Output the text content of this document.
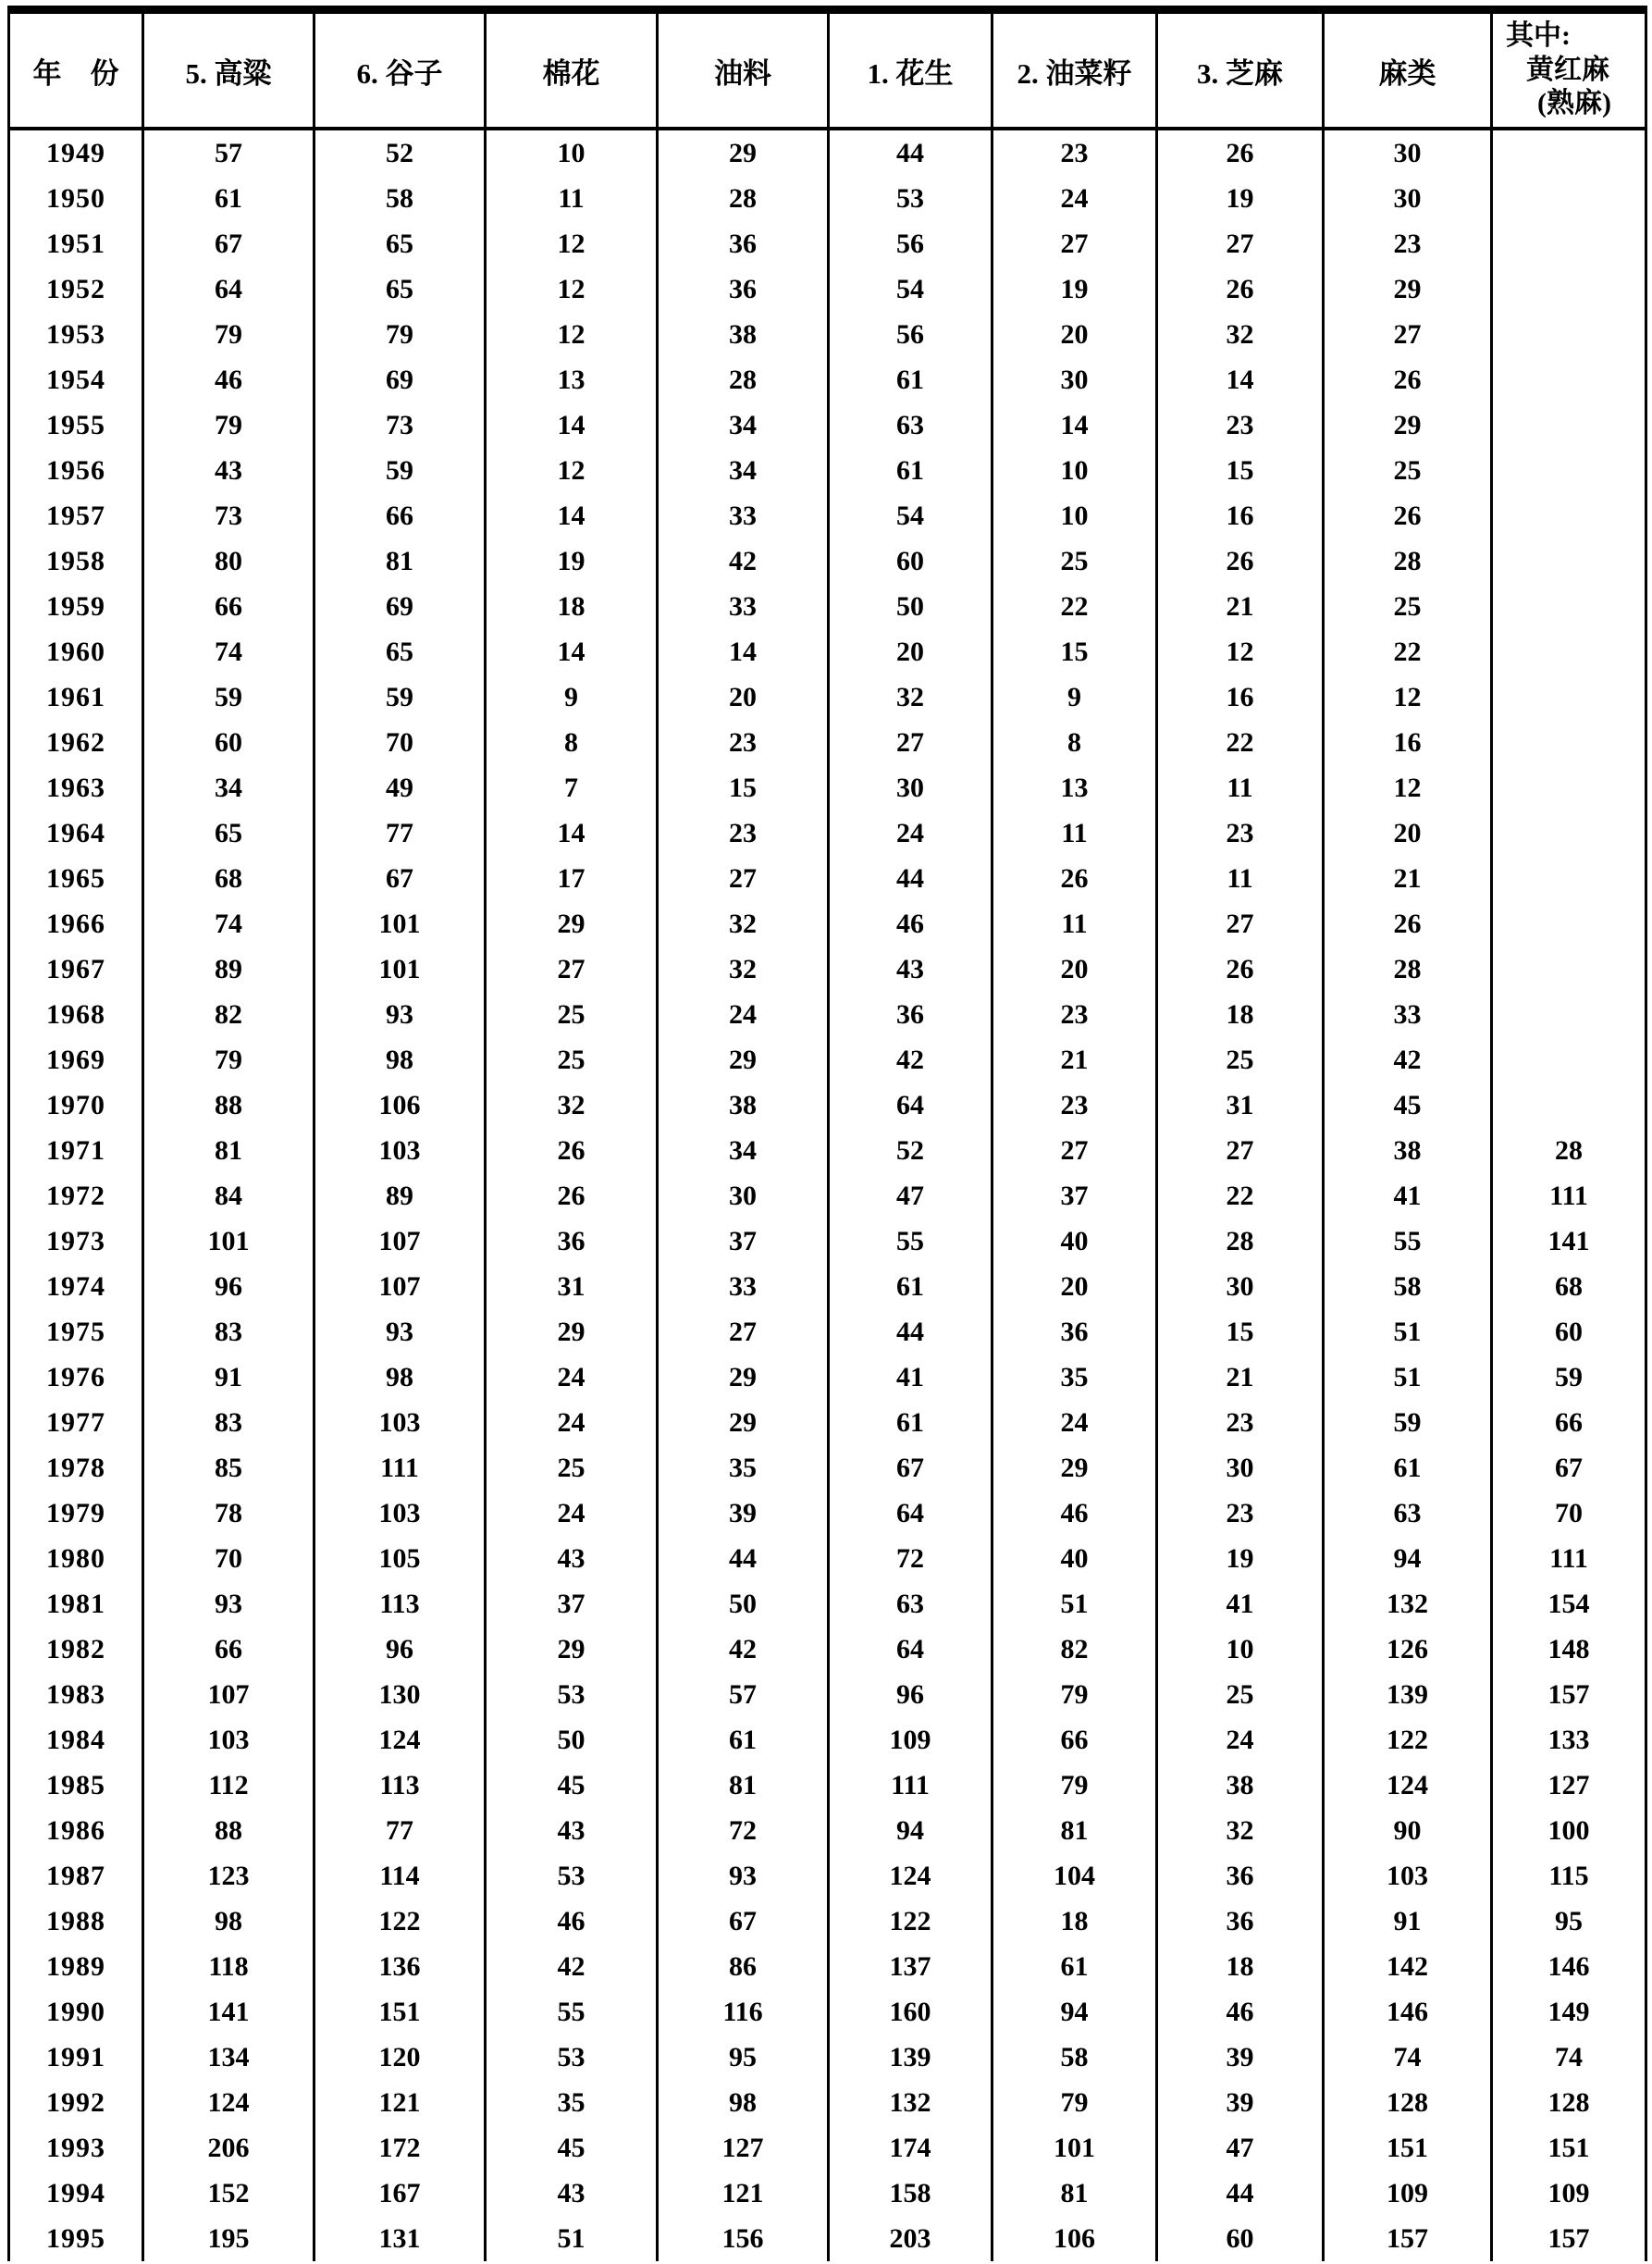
年　份	5. 高粱	6. 谷子	棉花	油料	1. 花生	2. 油菜籽	3. 芝麻	麻类	其中:
黄红麻
(熟麻)

1949	57	52	10	29	44	23	26	30	
1950	61	58	11	28	53	24	19	30	
1951	67	65	12	36	56	27	27	23	
1952	64	65	12	36	54	19	26	29	
1953	79	79	12	38	56	20	32	27	
1954	46	69	13	28	61	30	14	26	
1955	79	73	14	34	63	14	23	29	
1956	43	59	12	34	61	10	15	25	
1957	73	66	14	33	54	10	16	26	
1958	80	81	19	42	60	25	26	28	
1959	66	69	18	33	50	22	21	25	
1960	74	65	14	14	20	15	12	22	
1961	59	59	9	20	32	9	16	12	
1962	60	70	8	23	27	8	22	16	
1963	34	49	7	15	30	13	11	12	
1964	65	77	14	23	24	11	23	20	
1965	68	67	17	27	44	26	11	21	
1966	74	101	29	32	46	11	27	26	
1967	89	101	27	32	43	20	26	28	
1968	82	93	25	24	36	23	18	33	
1969	79	98	25	29	42	21	25	42	
1970	88	106	32	38	64	23	31	45	
1971	81	103	26	34	52	27	27	38	28
1972	84	89	26	30	47	37	22	41	111
1973	101	107	36	37	55	40	28	55	141
1974	96	107	31	33	61	20	30	58	68
1975	83	93	29	27	44	36	15	51	60
1976	91	98	24	29	41	35	21	51	59
1977	83	103	24	29	61	24	23	59	66
1978	85	111	25	35	67	29	30	61	67
1979	78	103	24	39	64	46	23	63	70
1980	70	105	43	44	72	40	19	94	111
1981	93	113	37	50	63	51	41	132	154
1982	66	96	29	42	64	82	10	126	148
1983	107	130	53	57	96	79	25	139	157
1984	103	124	50	61	109	66	24	122	133
1985	112	113	45	81	111	79	38	124	127
1986	88	77	43	72	94	81	32	90	100
1987	123	114	53	93	124	104	36	103	115
1988	98	122	46	67	122	18	36	91	95
1989	118	136	42	86	137	61	18	142	146
1990	141	151	55	116	160	94	46	146	149
1991	134	120	53	95	139	58	39	74	74
1992	124	121	35	98	132	79	39	128	128
1993	206	172	45	127	174	101	47	151	151
1994	152	167	43	121	158	81	44	109	109
1995	195	131	51	156	203	106	60	157	157
